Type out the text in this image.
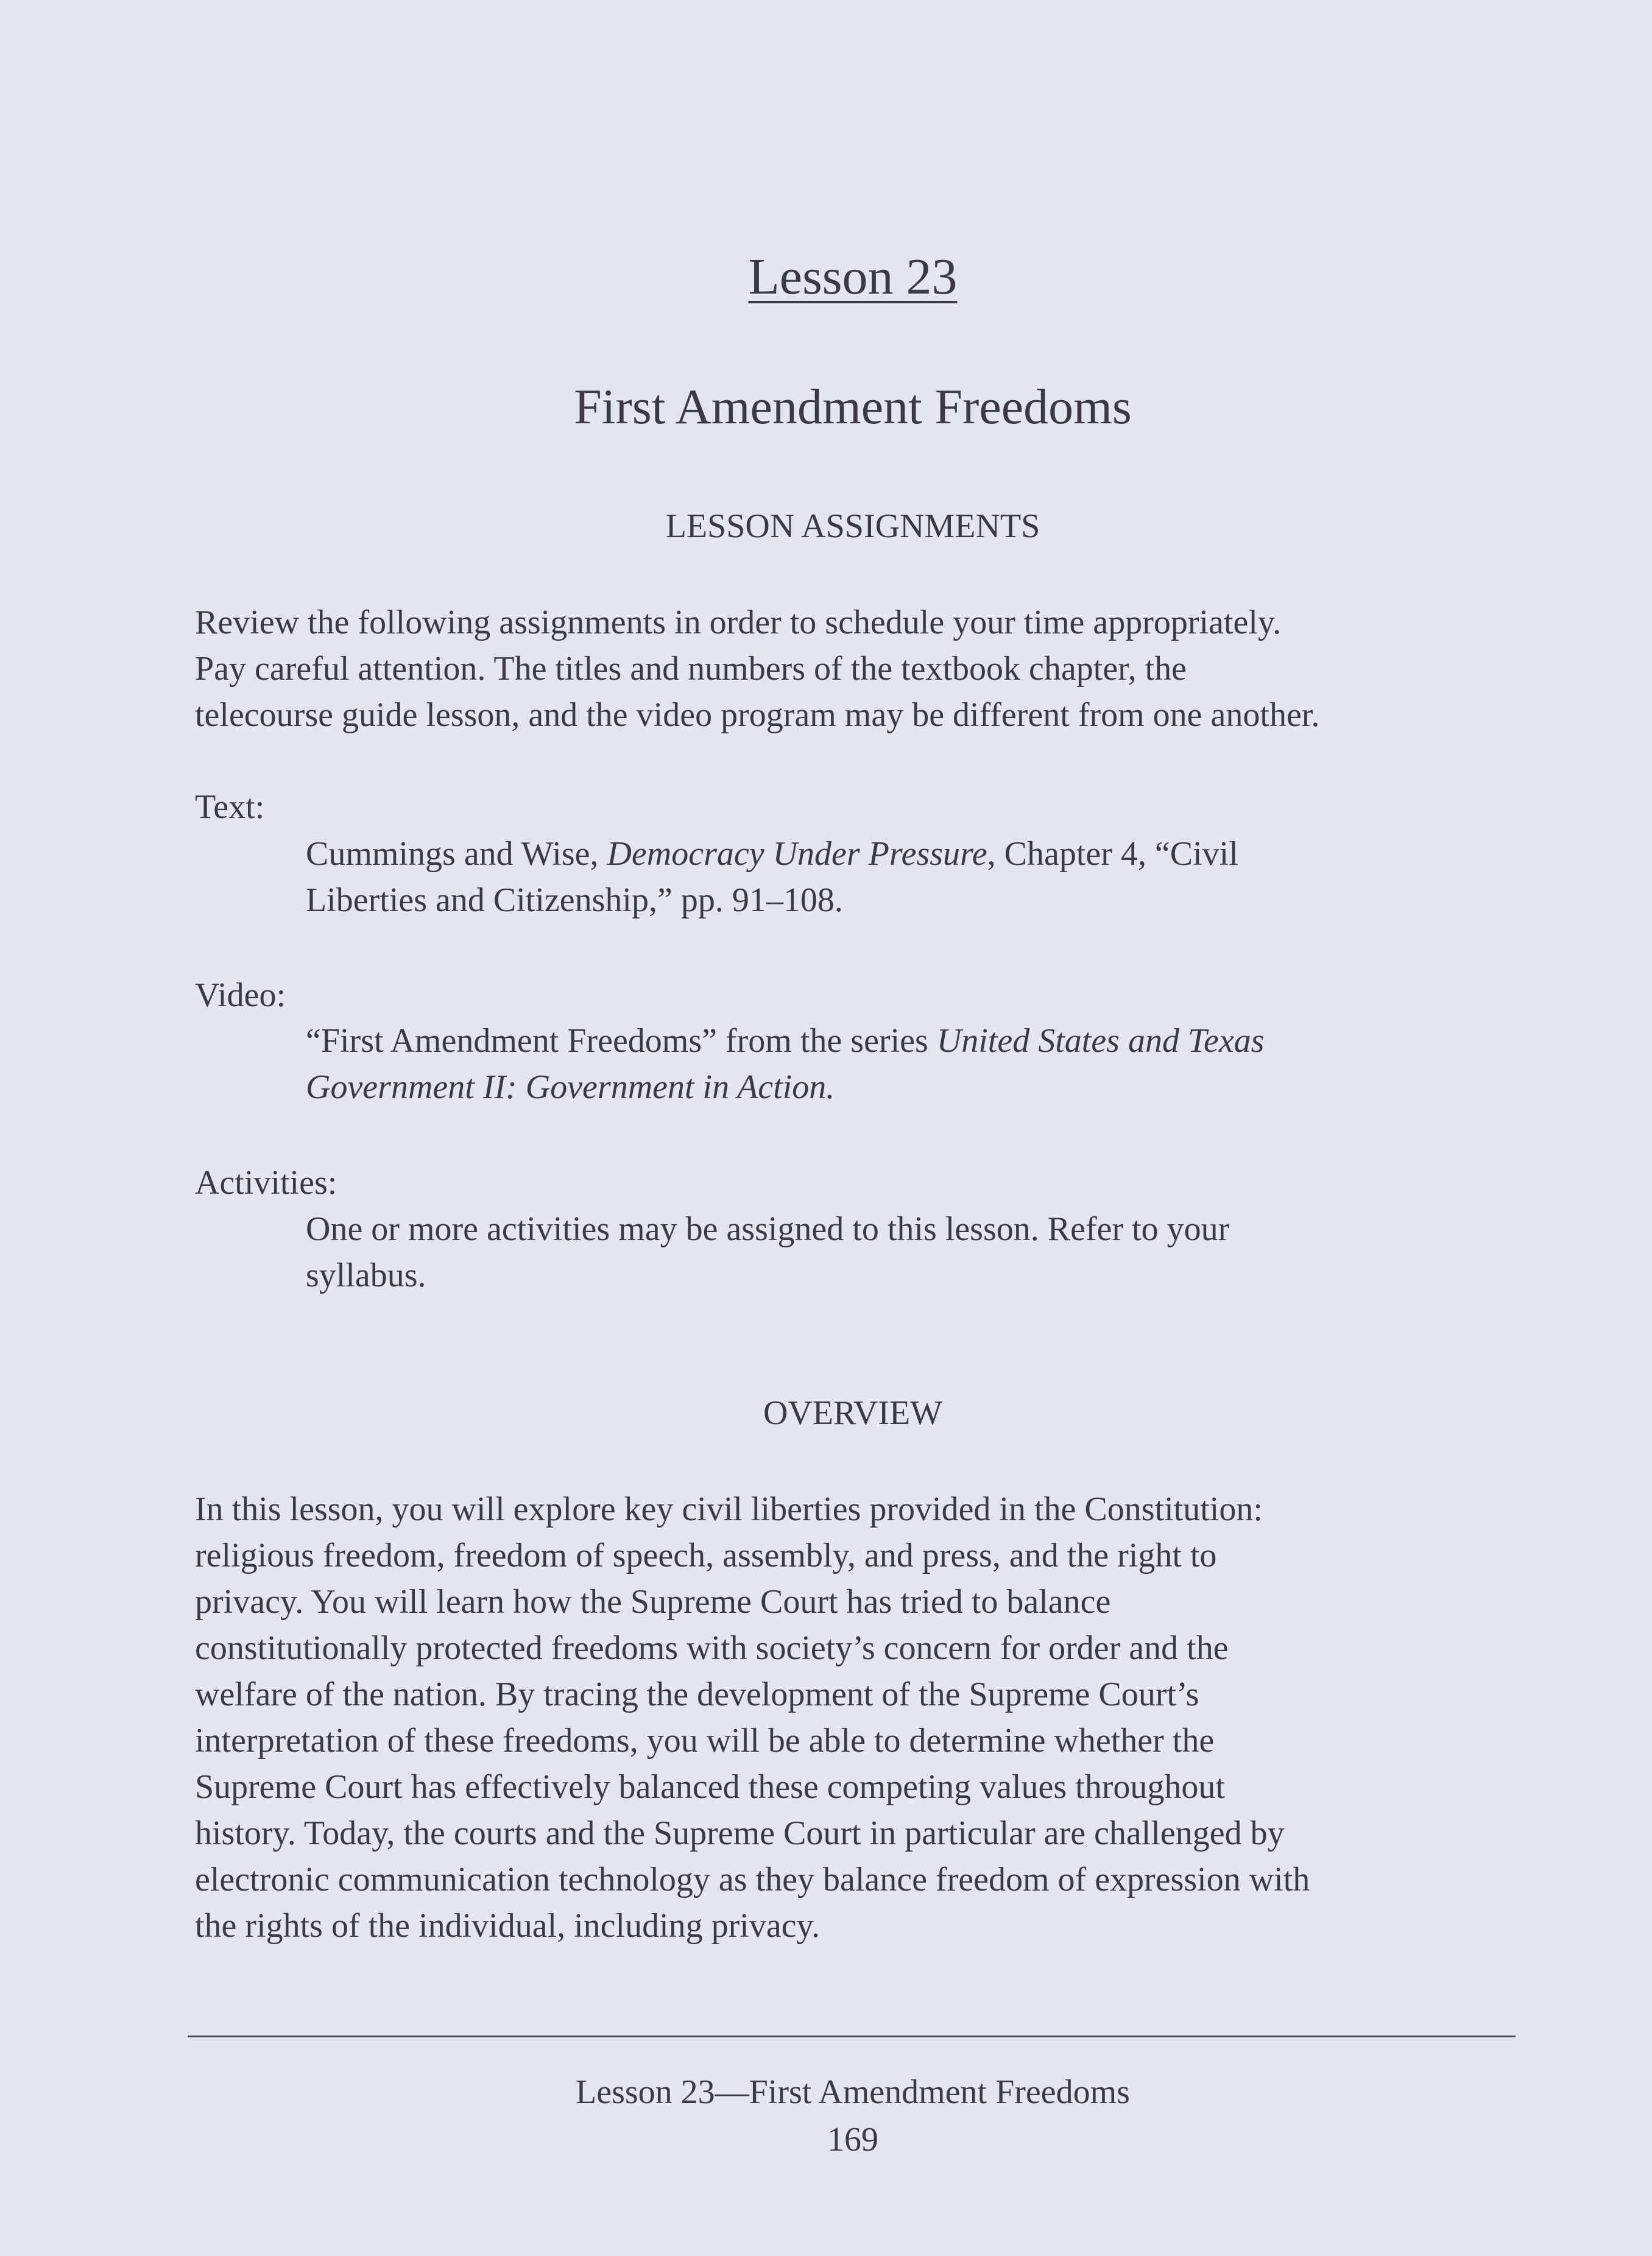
Lesson 23
First Amendment Freedoms
LESSON ASSIGNMENTS
Review the following assignments in order to schedule your time appropriately.
Pay careful attention. The titles and numbers of the textbook chapter, the
telecourse guide lesson, and the video program may be different from one another.
Text:
Cummings and Wise, Democracy Under Pressure, Chapter 4, “Civil
Liberties and Citizenship,” pp. 91–108.
Video:
“First Amendment Freedoms” from the series United States and Texas
Government II: Government in Action.
Activities:
One or more activities may be assigned to this lesson. Refer to your
syllabus.
OVERVIEW
In this lesson, you will explore key civil liberties provided in the Constitution:
religious freedom, freedom of speech, assembly, and press, and the right to
privacy. You will learn how the Supreme Court has tried to balance
constitutionally protected freedoms with society’s concern for order and the
welfare of the nation. By tracing the development of the Supreme Court’s
interpretation of these freedoms, you will be able to determine whether the
Supreme Court has effectively balanced these competing values throughout
history. Today, the courts and the Supreme Court in particular are challenged by
electronic communication technology as they balance freedom of expression with
the rights of the individual, including privacy.
Lesson 23—First Amendment Freedoms
169
